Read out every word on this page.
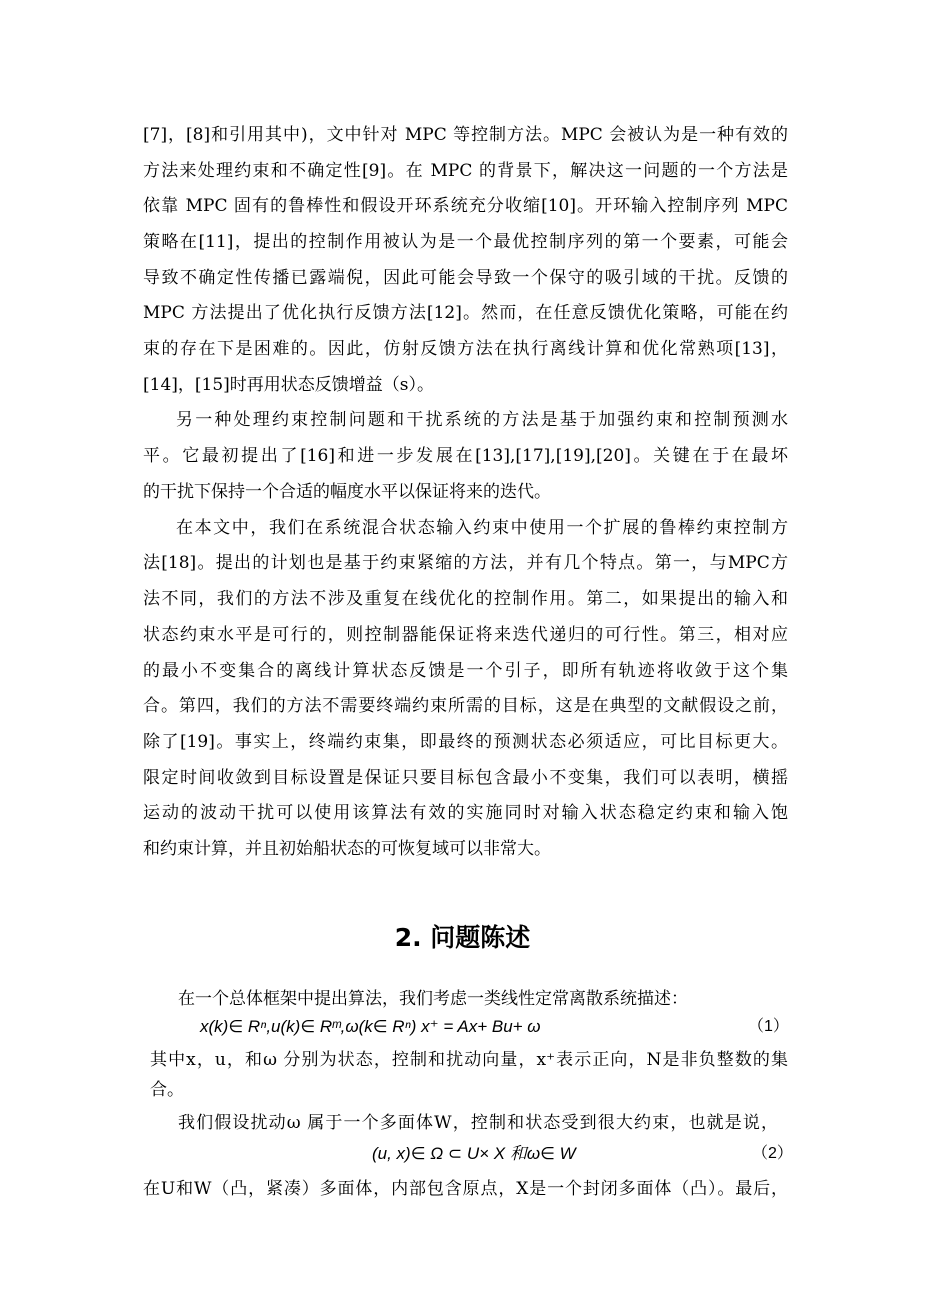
[7]，[8]和引用其中)，文中针对 MPC 等控制方法。MPC 会被认为是一种有效的
方法来处理约束和不确定性[9]。在 MPC 的背景下，解决这一问题的一个方法是
依靠 MPC 固有的鲁棒性和假设开环系统充分收缩[10]。开环输入控制序列 MPC
策略在[11]，提出的控制作用被认为是一个最优控制序列的第一个要素，可能会
导致不确定性传播已露端倪，因此可能会导致一个保守的吸引域的干扰。反馈的
MPC 方法提出了优化执行反馈方法[12]。然而，在任意反馈优化策略，可能在约
束的存在下是困难的。因此，仿射反馈方法在执行离线计算和优化常熟项[13]，
[14]，[15]时再用状态反馈增益（s）。
另一种处理约束控制问题和干扰系统的方法是基于加强约束和控制预测水
平。它最初提出了[16]和进一步发展在[13],[17],[19],[20]。关键在于在最坏
的干扰下保持一个合适的幅度水平以保证将来的迭代。
在本文中，我们在系统混合状态输入约束中使用一个扩展的鲁棒约束控制方
法[18]。提出的计划也是基于约束紧缩的方法，并有几个特点。第一，与MPC方
法不同，我们的方法不涉及重复在线优化的控制作用。第二，如果提出的输入和
状态约束水平是可行的，则控制器能保证将来迭代递归的可行性。第三，相对应
的最小不变集合的离线计算状态反馈是一个引子，即所有轨迹将收敛于这个集
合。第四，我们的方法不需要终端约束所需的目标，这是在典型的文献假设之前，
除了[19]。事实上，终端约束集，即最终的预测状态必须适应，可比目标更大。
限定时间收敛到目标设置是保证只要目标包含最小不变集，我们可以表明，横摇
运动的波动干扰可以使用该算法有效的实施同时对输入状态稳定约束和输入饱
和约束计算，并且初始船状态的可恢复域可以非常大。
2. 问题陈述
在一个总体框架中提出算法，我们考虑一类线性定常离散系统描述：
x(k)∈ Rⁿ,u(k)∈ Rᵐ,ω(k∈ Rⁿ) x⁺ = Ax+ Bu+ ω	（1）
其中x，u，和ω 分别为状态，控制和扰动向量，x⁺表示正向，N是非负整数的集
合。
我们假设扰动ω 属于一个多面体W，控制和状态受到很大约束，也就是说，
(u, x)∈ Ω ⊂ U× X 和ω∈ W	（2）
在U和W（凸，紧凑）多面体，内部包含原点，X是一个封闭多面体（凸）。最后，
